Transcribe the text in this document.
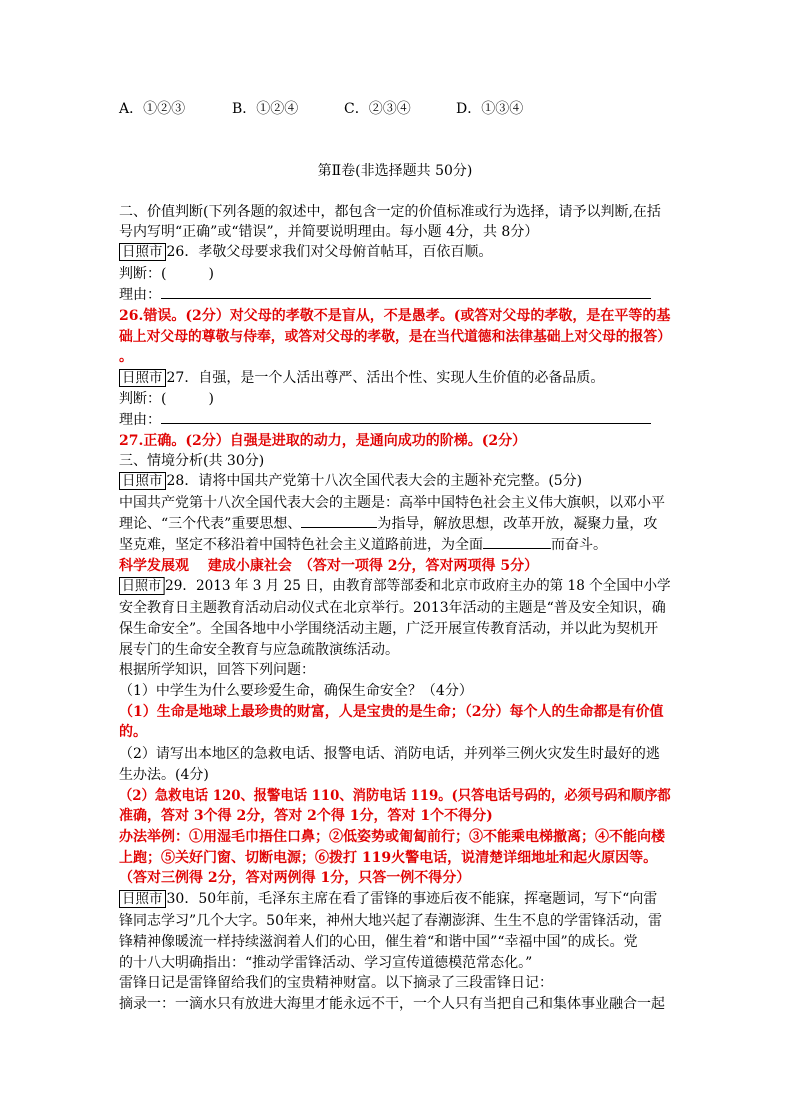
A．①②③	B．①②④	C．②③④	D．①③④
第Ⅱ卷(非选择题共 50分)
二、价值判断(下列各题的叙述中，都包含一定的价值标准或行为选择，请予以判断,在括
号内写明“正确”或“错误”，并简要说明理由。每小题 4分，共 8分）
日照市 26．孝敬父母要求我们对父母俯首帖耳，百依百顺。
判断：(　　　)
理由：
26.错误。(2分）对父母的孝敬不是盲从，不是愚孝。(或答对父母的孝敬，是在平等的基
础上对父母的尊敬与侍奉，或答对父母的孝敬，是在当代道德和法律基础上对父母的报答）
。
日照市 27．自强，是一个人活出尊严、活出个性、实现人生价值的必备品质。
判断：(　　　)
理由：
27.正确。(2分）自强是进取的动力，是通向成功的阶梯。(2分）
三、情境分析(共 30分)
日照市 28．请将中国共产党第十八次全国代表大会的主题补充完整。(5分)
中国共产党第十八次全国代表大会的主题是：高举中国特色社会主义伟大旗帜，以邓小平
理论、“三个代表”重要思想、	为指导，解放思想，改革开放，凝聚力量，攻
坚克难，坚定不移沿着中国特色社会主义道路前进，为全面	而奋斗。
科学发展观　 建成小康社会　（答对一项得 2分，答对两项得 5分）
日照市 29．2013 年 3 月 25 日，由教育部等部委和北京市政府主办的第 18 个全国中小学
安全教育日主题教育活动启动仪式在北京举行。2013年活动的主题是“普及安全知识，确
保生命安全”。全国各地中小学围绕活动主题，广泛开展宣传教育活动，并以此为契机开
展专门的生命安全教育与应急疏散演练活动。
根据所学知识，回答下列问题：
（1）中学生为什么要珍爱生命，确保生命安全？（4分）
（1）生命是地球上最珍贵的财富，人是宝贵的是生命；（2分）每个人的生命都是有价值
的。
（2）请写出本地区的急救电话、报警电话、消防电话，并列举三例火灾发生时最好的逃
生办法。(4分)
（2）急救电话 120、报警电话 110、消防电话 119。(只答电话号码的，必须号码和顺序都
准确，答对 3个得 2分，答对 2个得 1分，答对 1个不得分)
办法举例：①用湿毛巾捂住口鼻；②低姿势或匍匐前行；③不能乘电梯撤离；④不能向楼
上跑；⑤关好门窗、切断电源；⑥拨打 119火警电话，说清楚详细地址和起火原因等。
（答对三例得 2分，答对两例得 1分，只答一例不得分）
日照市 30．50年前，毛泽东主席在看了雷锋的事迹后夜不能寐，挥毫题词，写下“向雷
锋同志学习”几个大字。50年来，神州大地兴起了春潮澎湃、生生不息的学雷锋活动，雷
锋精神像暖流一样持续滋润着人们的心田，催生着“和谐中国”“幸福中国”的成长。党
的十八大明确指出：“推动学雷锋活动、学习宣传道德模范常态化。”
雷锋日记是雷锋留给我们的宝贵精神财富。以下摘录了三段雷锋日记：
摘录一：一滴水只有放进大海里才能永远不干，一个人只有当把自己和集体事业融合一起
